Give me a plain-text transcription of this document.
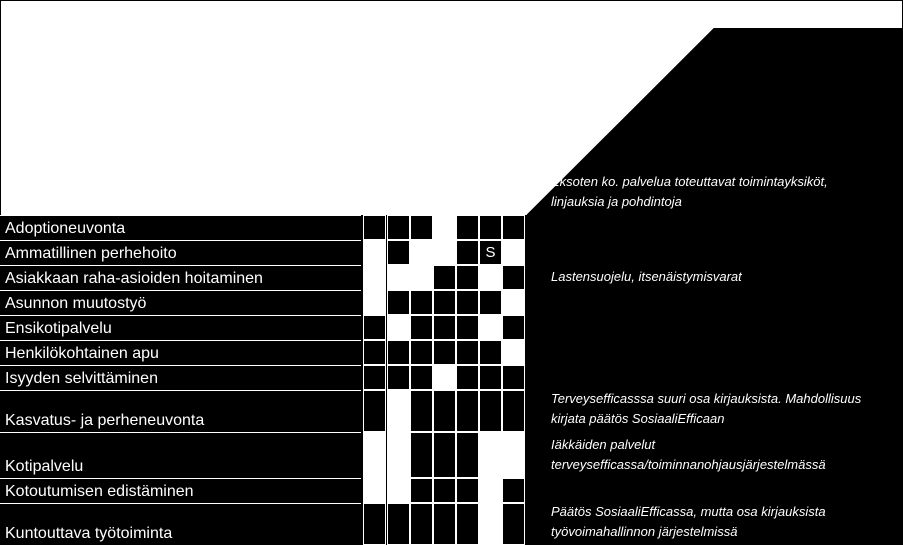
Eksoten ko. palvelua toteuttavat toimintayksiköt,
linjauksia ja pohdintoja
Adoptioneuvonta
Ammatillinen perhehoito	S
Asiakkaan raha-asioiden hoitaminen	Lastensuojelu, itsenäistymisvarat
Asunnon muutostyö
Ensikotipalvelu
Henkilökohtainen apu
Isyyden selvittäminen
Kasvatus- ja perheneuvonta
Terveysefficasssa suuri osa kirjauksista. Mahdollisuus
kirjata päätös SosiaaliEfficaan
Kotipalvelu
Iäkkäiden palvelut
terveysefficassa/toiminnanohjausjärjestelmässä
Kotoutumisen edistäminen
Kuntouttava työtoiminta
Päätös SosiaaliEfficassa, mutta osa kirjauksista
työvoimahallinnon järjestelmissä
